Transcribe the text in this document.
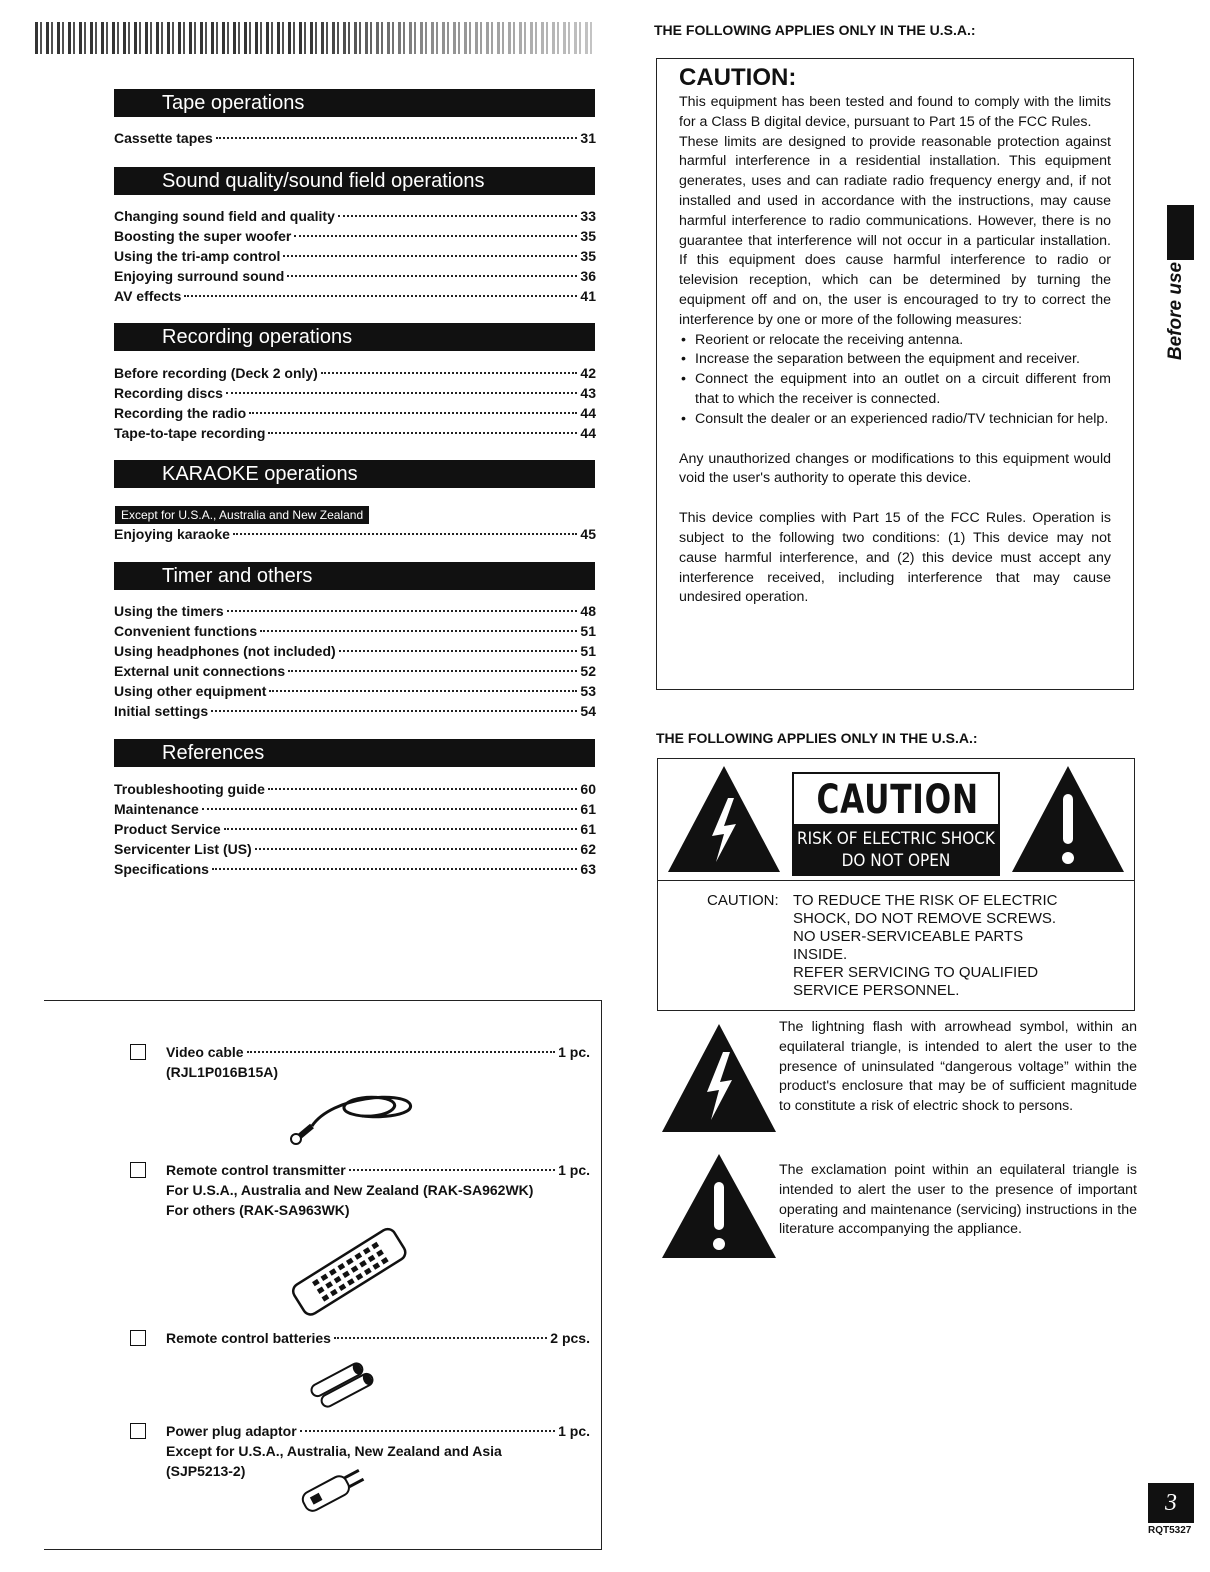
Tape operations
Cassette tapes	31
Sound quality/sound field operations
Changing sound field and quality	33
Boosting the super woofer	35
Using the tri-amp control	35
Enjoying surround sound	36
AV effects	41
Recording operations
Before recording (Deck 2 only)	42
Recording discs	43
Recording the radio	44
Tape-to-tape recording	44
KARAOKE operations
Except for U.S.A., Australia and New Zealand
Enjoying karaoke	45
Timer and others
Using the timers	48
Convenient functions	51
Using headphones (not included)	51
External unit connections	52
Using other equipment	53
Initial settings	54
References
Troubleshooting guide	60
Maintenance	61
Product Service	61
Servicenter List (US)	62
Specifications	63
Video cable	1 pc.
(RJL1P016B15A)
Remote control transmitter	1 pc.
For U.S.A., Australia and New Zealand (RAK-SA962WK)
For others (RAK-SA963WK)
Remote control batteries	2 pcs.
Power plug adaptor	1 pc.
Except for U.S.A., Australia, New Zealand and Asia
(SJP5213-2)
THE FOLLOWING APPLIES ONLY IN THE U.S.A.:
CAUTION:

This equipment has been tested and found to comply with the limits for a Class B digital device, pursuant to Part 15 of the FCC Rules.

These limits are designed to provide reasonable protection against harmful interference in a residential installation. This equipment generates, uses and can radiate radio frequency energy and, if not installed and used in accordance with the instructions, may cause harmful interference to radio communications. However, there is no guarantee that interference will not occur in a particular installation. If this equipment does cause harmful interference to radio or television reception, which can be determined by turning the equipment off and on, the user is encouraged to try to correct the interference by one or more of the following measures:

• Reorient or relocate the receiving antenna.
• Increase the separation between the equipment and receiver.
• Connect the equipment into an outlet on a circuit different from that to which the receiver is connected.
• Consult the dealer or an experienced radio/TV technician for help.

Any unauthorized changes or modifications to this equipment would void the user's authority to operate this device.

This device complies with Part 15 of the FCC Rules. Operation is subject to the following two conditions: (1) This device may not cause harmful interference, and (2) this device must accept any interference received, including interference that may cause undesired operation.

THE FOLLOWING APPLIES ONLY IN THE U.S.A.:
CAUTION
RISK OF ELECTRIC SHOCK
DO NOT OPEN
CAUTION: TO REDUCE THE RISK OF ELECTRIC
SHOCK, DO NOT REMOVE SCREWS.
NO USER-SERVICEABLE PARTS
INSIDE.
REFER SERVICING TO QUALIFIED
SERVICE PERSONNEL.
The lightning flash with arrowhead symbol, within an equilateral triangle, is intended to alert the user to the presence of uninsulated “dangerous voltage” within the product's enclosure that may be of sufficient magnitude to constitute a risk of electric shock to persons.
The exclamation point within an equilateral triangle is intended to alert the user to the presence of important operating and maintenance (servicing) instructions in the literature accompanying the appliance.
Before use
3
RQT5327
